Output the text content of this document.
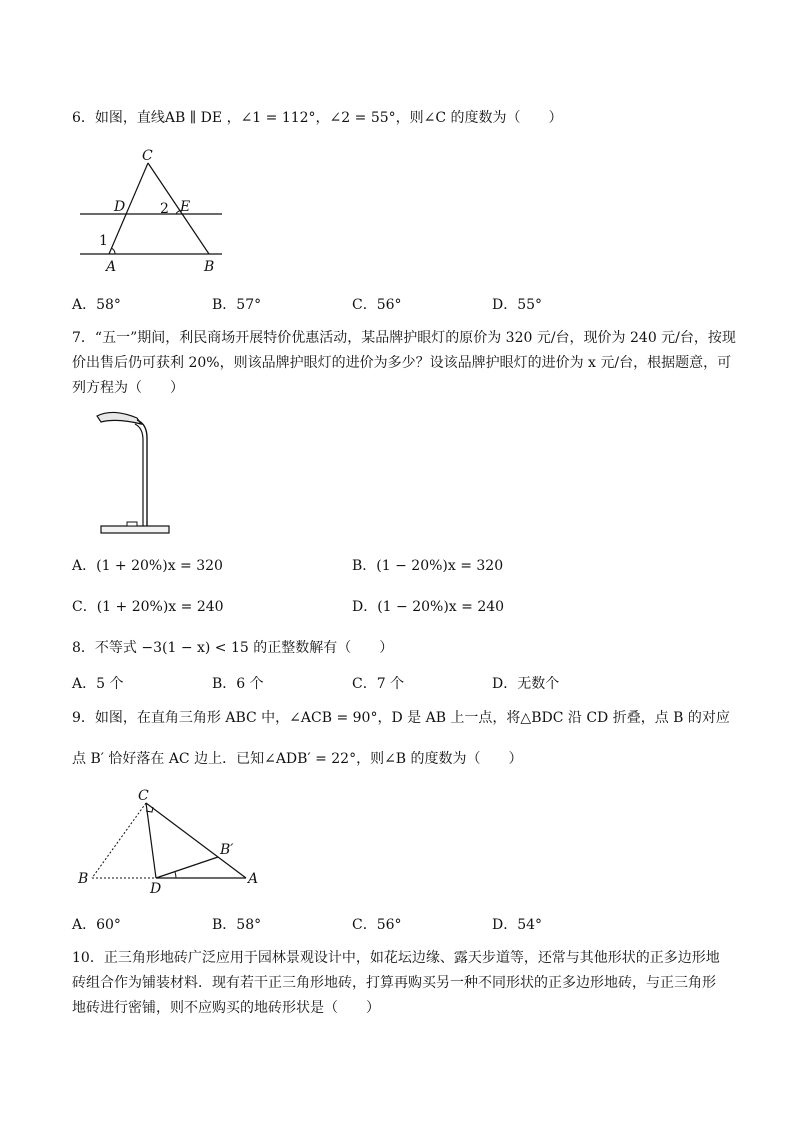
6．如图，直线AB ∥ DE ，∠1 = 112°，∠2 = 55°，则∠C 的度数为（　　）
C
D	E
A	B
1
2
A．58°	B．57°	C．56°	D．55°
7．“五一”期间，利民商场开展特价优惠活动，某品牌护眼灯的原价为 320 元/台，现价为 240 元/台，按现
价出售后仍可获利 20%，则该品牌护眼灯的进价为多少？设该品牌护眼灯的进价为 x 元/台，根据题意，可
列方程为（　　）
A．(1 + 20%)x = 320	B．(1 − 20%)x = 320
C．(1 + 20%)x = 240	D．(1 − 20%)x = 240
8．不等式 −3(1 − x) < 15 的正整数解有（　　）
A．5 个	B．6 个	C．7 个	D．无数个
9．如图，在直角三角形 ABC 中，∠ACB = 90°，D 是 AB 上一点，将△BDC 沿 CD 折叠，点 B 的对应
点 B′ 恰好落在 AC 边上．已知∠ADB′ = 22°，则∠B 的度数为（　　）
C
B
D
A
B′
A．60°	B．58°	C．56°	D．54°
10．正三角形地砖广泛应用于园林景观设计中，如花坛边缘、露天步道等，还常与其他形状的正多边形地
砖组合作为铺装材料．现有若干正三角形地砖，打算再购买另一种不同形状的正多边形地砖，与正三角形
地砖进行密铺，则不应购买的地砖形状是（　　）
